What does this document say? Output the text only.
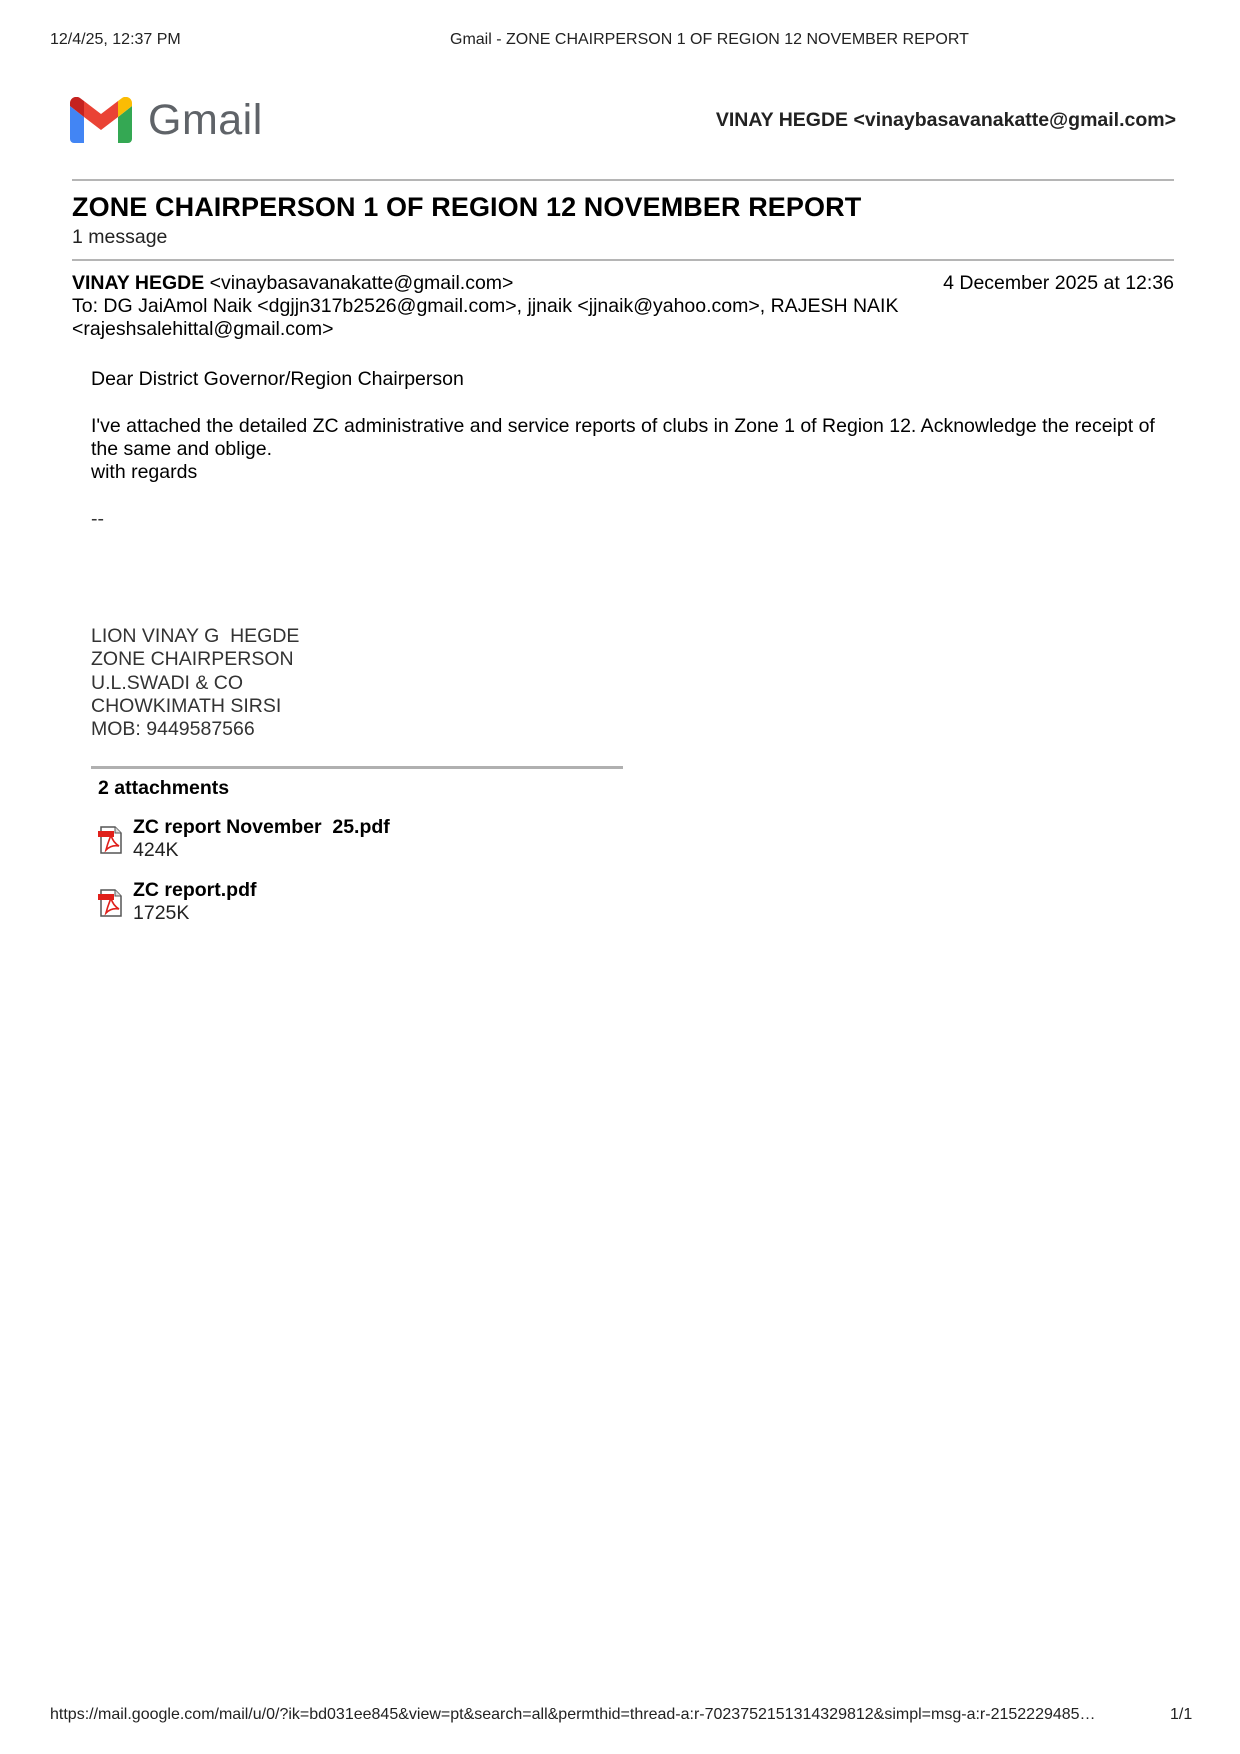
12/4/25, 12:37 PM	Gmail - ZONE CHAIRPERSON 1 OF REGION 12 NOVEMBER REPORT
Gmail	VINAY HEGDE <vinaybasavanakatte@gmail.com>
ZONE CHAIRPERSON 1 OF REGION 12 NOVEMBER REPORT
1 message
VINAY HEGDE <vinaybasavanakatte@gmail.com>	4 December 2025 at 12:36
To: DG JaiAmol Naik <dgjjn317b2526@gmail.com>, jjnaik <jjnaik@yahoo.com>, RAJESH NAIK <rajeshsalehittal@gmail.com>

Dear District Governor/Region Chairperson

I've attached the detailed ZC administrative and service reports of clubs in Zone 1 of Region 12. Acknowledge the receipt of the same and oblige.

with regards

--
LION VINAY G  HEGDE
ZONE CHAIRPERSON
U.L.SWADI & CO
CHOWKIMATH SIRSI
MOB: 9449587566
2 attachments
ZC report November  25.pdf
424K
ZC report.pdf
1725K
https://mail.google.com/mail/u/0/?ik=bd031ee845&view=pt&search=all&permthid=thread-a:r-7023752151314329812&simpl=msg-a:r-2152229485…	1/1
